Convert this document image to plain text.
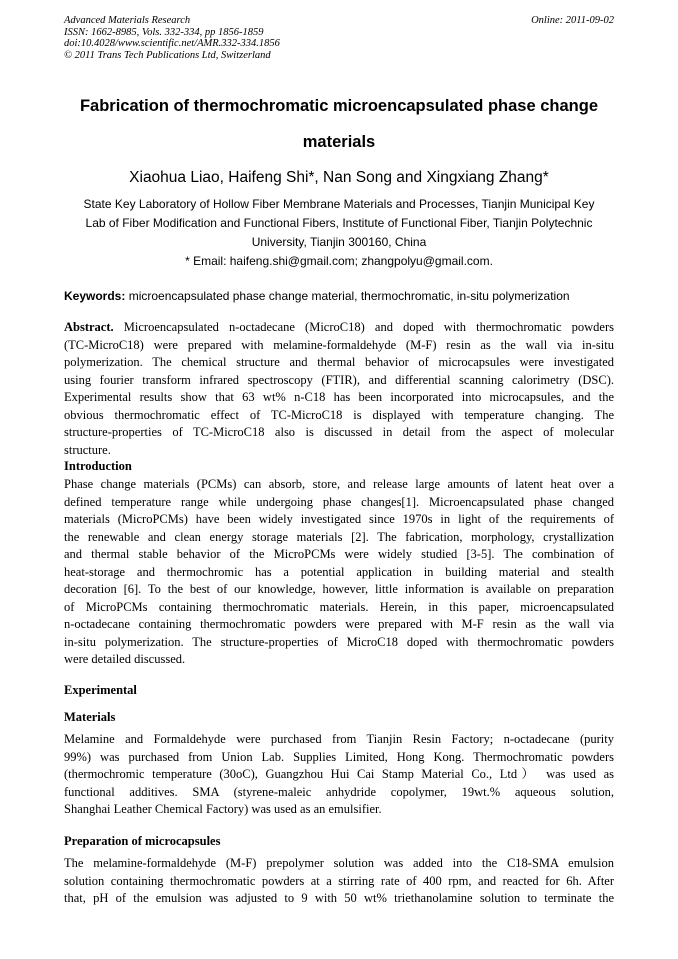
Advanced Materials Research
ISSN: 1662-8985, Vols. 332-334, pp 1856-1859
doi:10.4028/www.scientific.net/AMR.332-334.1856
© 2011 Trans Tech Publications Ltd, Switzerland
Online: 2011-09-02
Fabrication of thermochromatic microencapsulated phase change
materials
Xiaohua Liao, Haifeng Shi*, Nan Song and Xingxiang Zhang*
State Key Laboratory of Hollow Fiber Membrane Materials and Processes, Tianjin Municipal Key
Lab of Fiber Modification and Functional Fibers, Institute of Functional Fiber, Tianjin Polytechnic
University, Tianjin 300160, China
* Email: haifeng.shi@gmail.com; zhangpolyu@gmail.com.
Keywords: microencapsulated phase change material, thermochromatic, in-situ polymerization
Abstract. Microencapsulated n-octadecane (MicroC18) and doped with thermochromatic powders
(TC-MicroC18) were prepared with melamine-formaldehyde (M-F) resin as the wall via in-situ
polymerization. The chemical structure and thermal behavior of microcapsules were investigated
using fourier transform infrared spectroscopy (FTIR), and differential scanning calorimetry (DSC).
Experimental results show that 63 wt% n-C18 has been incorporated into microcapsules, and the
obvious thermochromatic effect of TC-MicroC18 is displayed with temperature changing. The
structure-properties of TC-MicroC18 also is discussed in detail from the aspect of molecular
structure.
Introduction
Phase change materials (PCMs) can absorb, store, and release large amounts of latent heat over a
defined temperature range while undergoing phase changes[1]. Microencapsulated phase changed
materials (MicroPCMs) have been widely investigated since 1970s in light of the requirements of
the renewable and clean energy storage materials [2]. The fabrication, morphology, crystallization
and thermal stable behavior of the MicroPCMs were widely studied [3-5]. The combination of
heat-storage and thermochromic has a potential application in building material and stealth
decoration [6]. To the best of our knowledge, however, little information is available on preparation
of MicroPCMs containing thermochromatic materials. Herein, in this paper, microencapsulated
n-octadecane containing thermochromatic powders were prepared with M-F resin as the wall via
in-situ polymerization. The structure-properties of MicroC18 doped with thermochromatic powders
were detailed discussed.
Experimental
Materials
Melamine and Formaldehyde were purchased from Tianjin Resin Factory; n-octadecane (purity
99%) was purchased from Union Lab. Supplies Limited, Hong Kong. Thermochromatic powders
(thermochromic temperature (30oC), Guangzhou Hui Cai Stamp Material Co., Ltd） was used as
functional additives. SMA (styrene-maleic anhydride copolymer, 19wt.% aqueous solution,
Shanghai Leather Chemical Factory) was used as an emulsifier.
Preparation of microcapsules
The melamine-formaldehyde (M-F) prepolymer solution was added into the C18-SMA emulsion
solution containing thermochromatic powders at a stirring rate of 400 rpm, and reacted for 6h. After
that, pH of the emulsion was adjusted to 9 with 50 wt% triethanolamine solution to terminate the
